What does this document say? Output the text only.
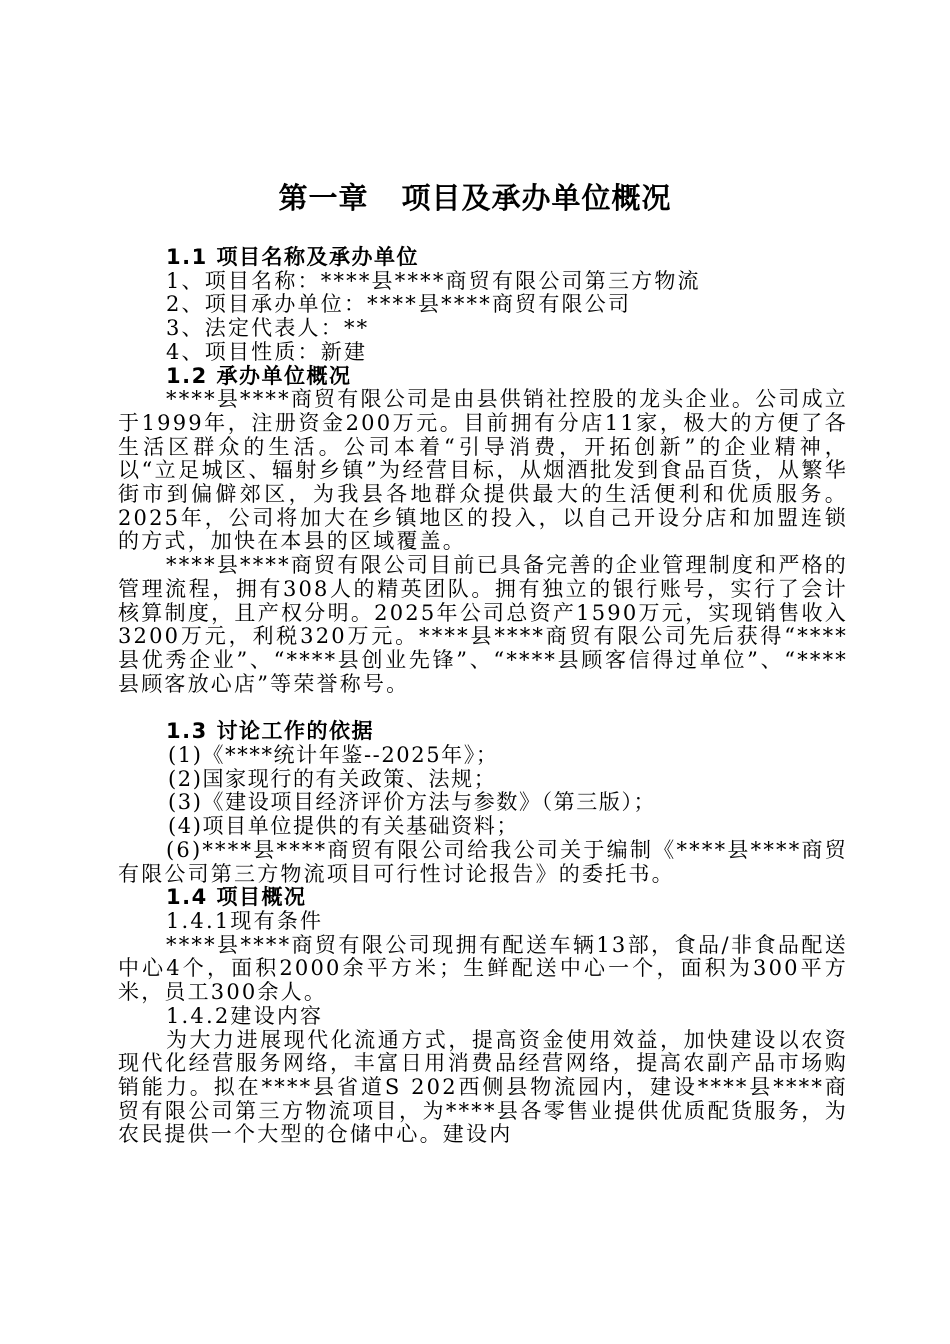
第一章 项目及承办单位概况

1.1 项目名称及承办单位

1、项目名称：****县****商贸有限公司第三方物流

2、项目承办单位：****县****商贸有限公司

3、法定代表人：**

4、项目性质：新建

1.2 承办单位概况

****县****商贸有限公司是由县供销社控股的龙头企业。公司成立于1999年，注册资金200万元。目前拥有分店11家，极大的方便了各生活区群众的生活。公司本着“引导消费，开拓创新”的企业精神，以“立足城区、辐射乡镇”为经营目标，从烟酒批发到食品百货，从繁华街市到偏僻郊区，为我县各地群众提供最大的生活便利和优质服务。2025年，公司将加大在乡镇地区的投入，以自己开设分店和加盟连锁的方式，加快在本县的区域覆盖。

****县****商贸有限公司目前已具备完善的企业管理制度和严格的管理流程，拥有308人的精英团队。拥有独立的银行账号，实行了会计核算制度，且产权分明。2025年公司总资产1590万元，实现销售收入3200万元，利税320万元。****县****商贸有限公司先后获得“****县优秀企业”、“****县创业先锋”、“****县顾客信得过单位”、“****县顾客放心店”等荣誉称号。

1.3 讨论工作的依据

(1)《****统计年鉴--2025年》；

(2)国家现行的有关政策、法规；

(3)《建设项目经济评价方法与参数》（第三版）；

(4)项目单位提供的有关基础资料；

(6)****县****商贸有限公司给我公司关于编制《****县****商贸有限公司第三方物流项目可行性讨论报告》的委托书。

1.4 项目概况

1.4.1现有条件

****县****商贸有限公司现拥有配送车辆13部，食品/非食品配送中心4个，面积2000余平方米；生鲜配送中心一个，面积为300平方米，员工300余人。

1.4.2建设内容

为大力进展现代化流通方式，提高资金使用效益，加快建设以农资现代化经营服务网络，丰富日用消费品经营网络，提高农副产品市场购销能力。拟在****县省道S 202西侧县物流园内，建设****县****商贸有限公司第三方物流项目，为****县各零售业提供优质配货服务，为农民提供一个大型的仓储中心。建设内
